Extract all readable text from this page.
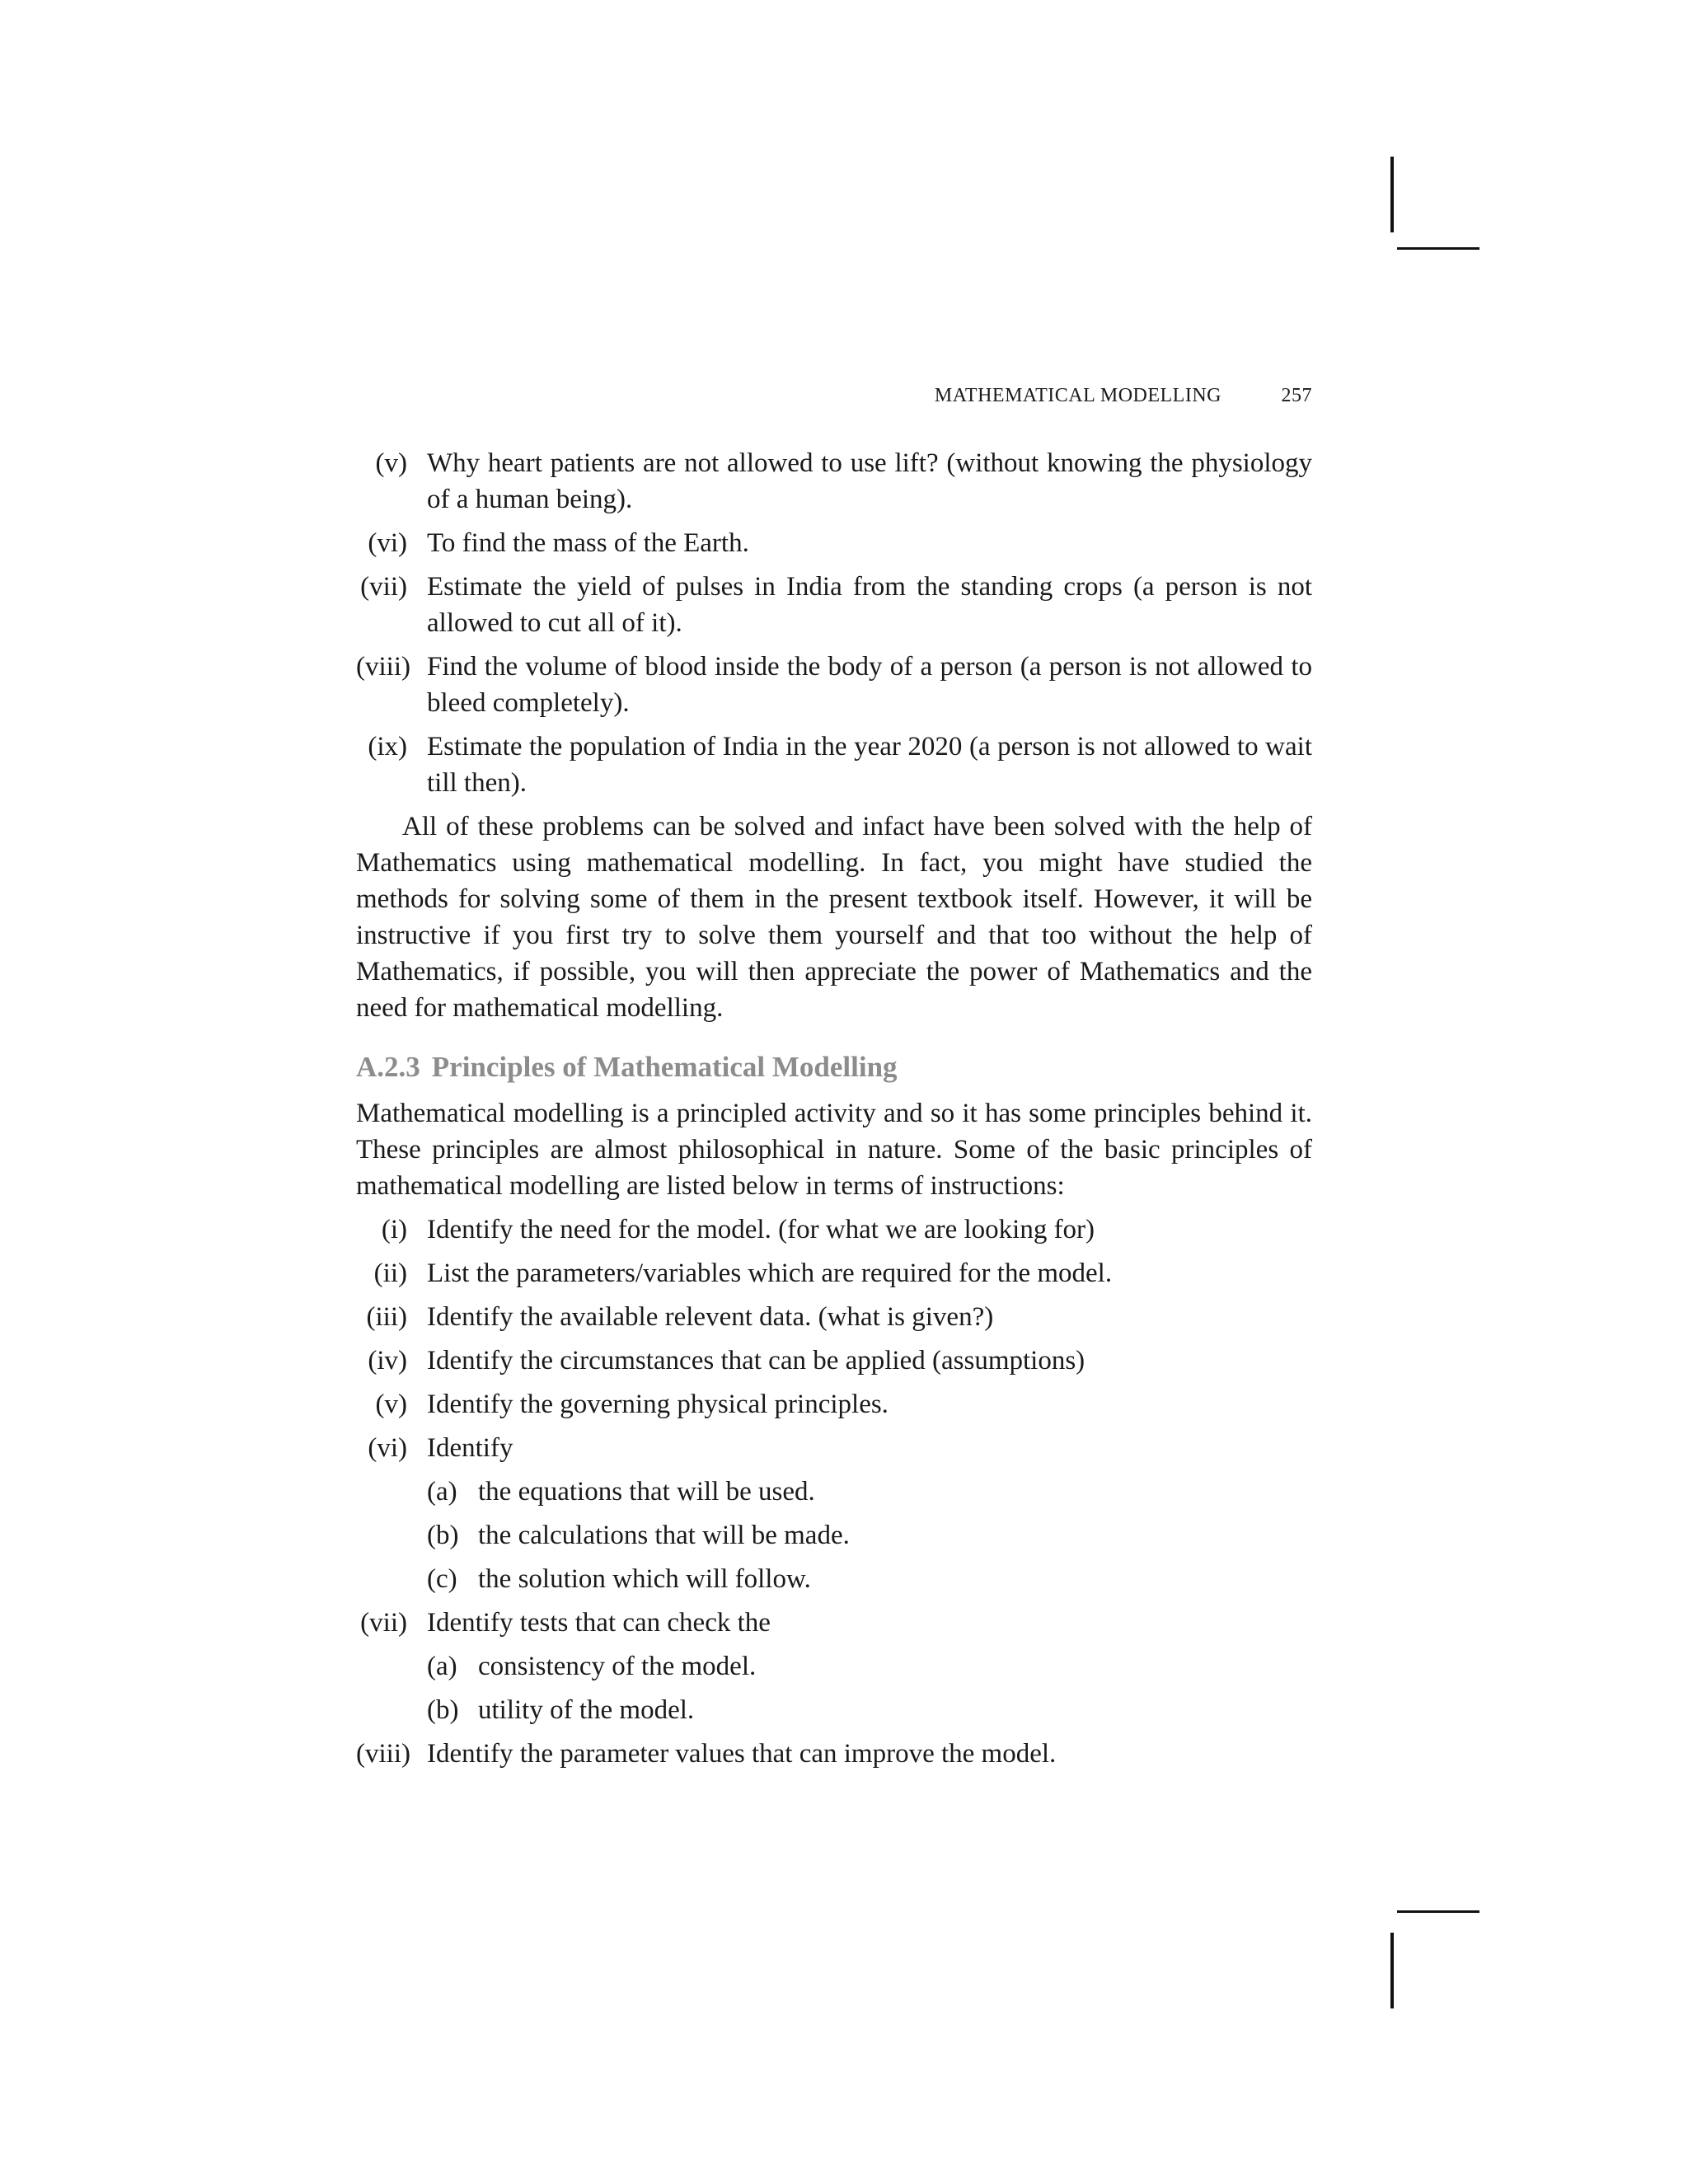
MATHEMATICAL MODELLING	257
(v) Why heart patients are not allowed to use lift? (without knowing the physiology of a human being).
(vi) To find the mass of the Earth.
(vii) Estimate the yield of pulses in India from the standing crops (a person is not allowed to cut all of it).
(viii) Find the volume of blood inside the body of a person (a person is not allowed to bleed completely).
(ix) Estimate the population of India in the year 2020 (a person is not allowed to wait till then).

All of these problems can be solved and infact have been solved with the help of Mathematics using mathematical modelling. In fact, you might have studied the methods for solving some of them in the present textbook itself. However, it will be instructive if you first try to solve them yourself and that too without the help of Mathematics, if possible, you will then appreciate the power of Mathematics and the need for mathematical modelling.

A.2.3 Principles of Mathematical Modelling

Mathematical modelling is a principled activity and so it has some principles behind it. These principles are almost philosophical in nature. Some of the basic principles of mathematical modelling are listed below in terms of instructions:

(i) Identify the need for the model. (for what we are looking for)
(ii) List the parameters/variables which are required for the model.
(iii) Identify the available relevent data. (what is given?)
(iv) Identify the circumstances that can be applied (assumptions)
(v) Identify the governing physical principles.
(vi) Identify
(a) the equations that will be used.
(b) the calculations that will be made.
(c) the solution which will follow.
(vii) Identify tests that can check the
(a) consistency of the model.
(b) utility of the model.
(viii) Identify the parameter values that can improve the model.
